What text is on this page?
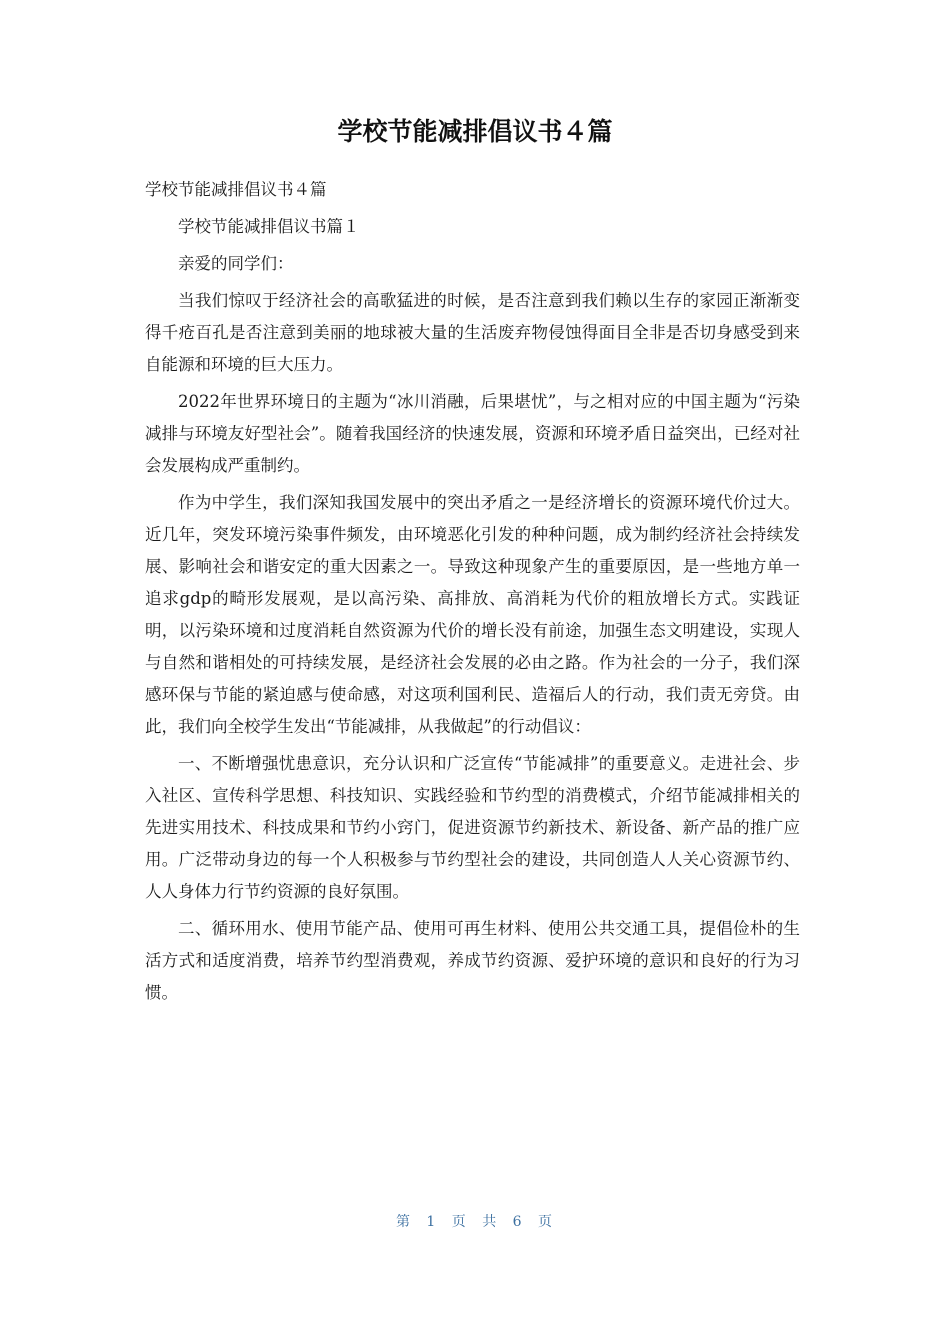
学校节能减排倡议书４篇

学校节能减排倡议书４篇

学校节能减排倡议书篇１

亲爱的同学们：

当我们惊叹于经济社会的高歌猛进的时候，是否注意到我们赖以生存的家园正渐渐变得千疮百孔是否注意到美丽的地球被大量的生活废弃物侵蚀得面目全非是否切身感受到来自能源和环境的巨大压力。

2022年世界环境日的主题为“冰川消融，后果堪忧”，与之相对应的中国主题为“污染减排与环境友好型社会”。随着我国经济的快速发展，资源和环境矛盾日益突出，已经对社会发展构成严重制约。

作为中学生，我们深知我国发展中的突出矛盾之一是经济增长的资源环境代价过大。近几年，突发环境污染事件频发，由环境恶化引发的种种问题，成为制约经济社会持续发展、影响社会和谐安定的重大因素之一。导致这种现象产生的重要原因，是一些地方单一追求gdp的畸形发展观，是以高污染、高排放、高消耗为代价的粗放增长方式。实践证明，以污染环境和过度消耗自然资源为代价的增长没有前途，加强生态文明建设，实现人与自然和谐相处的可持续发展，是经济社会发展的必由之路。作为社会的一分子，我们深感环保与节能的紧迫感与使命感，对这项利国利民、造福后人的行动，我们责无旁贷。由此，我们向全校学生发出“节能减排，从我做起”的行动倡议：

一、不断增强忧患意识，充分认识和广泛宣传“节能减排”的重要意义。走进社会、步入社区、宣传科学思想、科技知识、实践经验和节约型的消费模式，介绍节能减排相关的先进实用技术、科技成果和节约小窍门，促进资源节约新技术、新设备、新产品的推广应用。广泛带动身边的每一个人积极参与节约型社会的建设，共同创造人人关心资源节约、人人身体力行节约资源的良好氛围。

二、循环用水、使用节能产品、使用可再生材料、使用公共交通工具，提倡俭朴的生活方式和适度消费，培养节约型消费观，养成节约资源、爱护环境的意识和良好的行为习惯。

第 1 页 共 6 页
